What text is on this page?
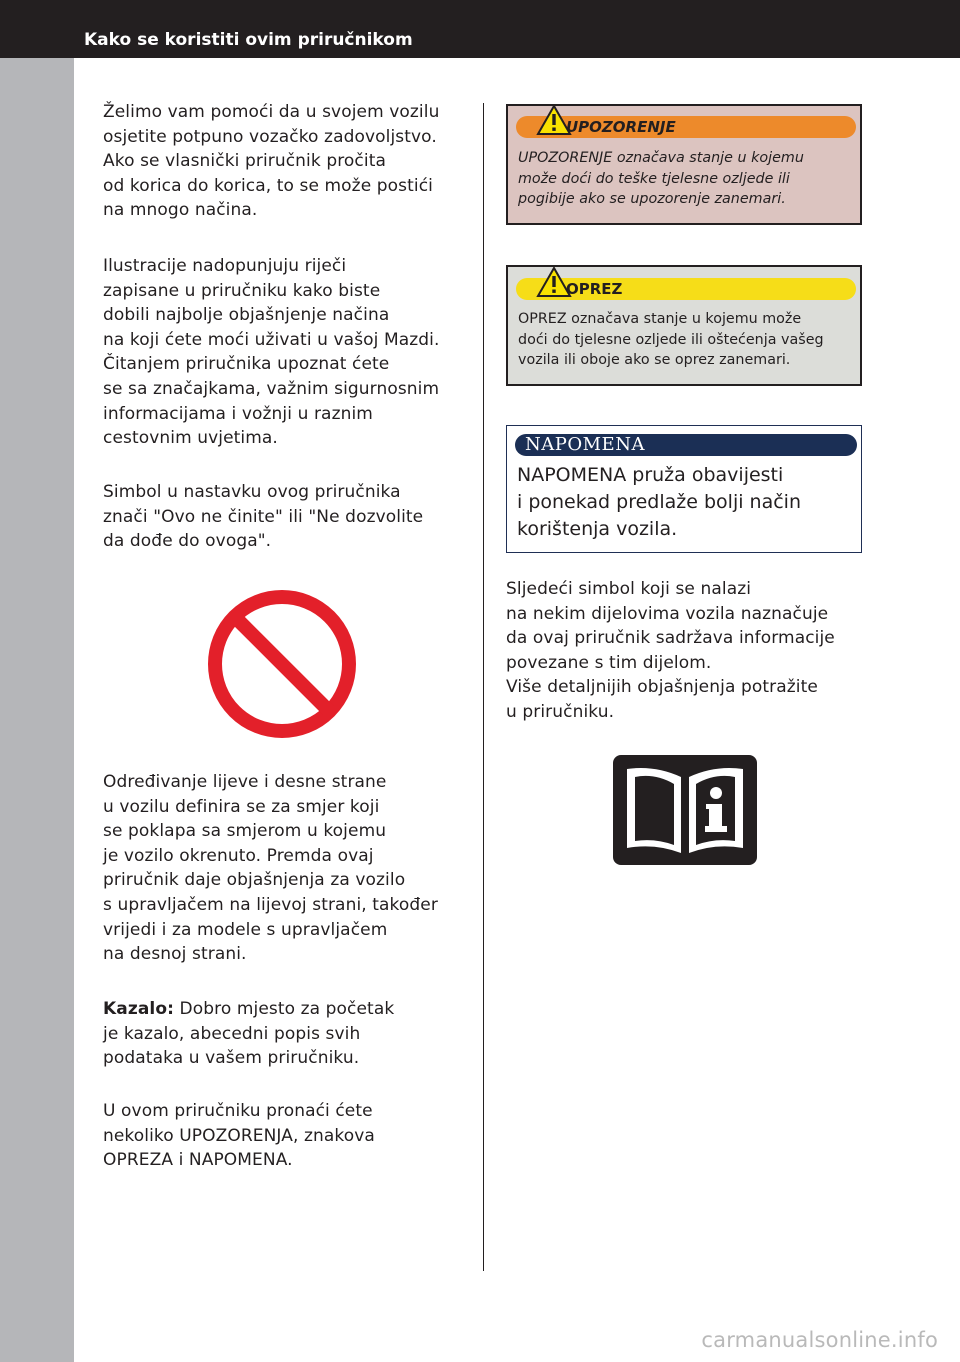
Kako se koristiti ovim priručnikom
Želimo vam pomoći da u svojem vozilu
osjetite potpuno vozačko zadovoljstvo.
Ako se vlasnički priručnik pročita
od korica do korica, to se može postići
na mnogo načina.
Ilustracije nadopunjuju riječi
zapisane u priručniku kako biste
dobili najbolje objašnjenje načina
na koji ćete moći uživati u vašoj Mazdi.
Čitanjem priručnika upoznat ćete
se sa značajkama, važnim sigurnosnim
informacijama i vožnji u raznim
cestovnim uvjetima.
Simbol u nastavku ovog priručnika
znači "Ovo ne činite" ili "Ne dozvolite
da dođe do ovoga".
Određivanje lijeve i desne strane
u vozilu definira se za smjer koji
se poklapa sa smjerom u kojemu
je vozilo okrenuto. Premda ovaj
priručnik daje objašnjenja za vozilo
s upravljačem na lijevoj strani, također
vrijedi i za modele s upravljačem
na desnoj strani.
Kazalo: Dobro mjesto za početak
je kazalo, abecedni popis svih
podataka u vašem priručniku.
U ovom priručniku pronaći ćete
nekoliko UPOZORENJA, znakova
OPREZA i NAPOMENA.
UPOZORENJE
UPOZORENJE označava stanje u kojemu
može doći do teške tjelesne ozljede ili
pogibije ako se upozorenje zanemari.
OPREZ
OPREZ označava stanje u kojemu može
doći do tjelesne ozljede ili oštećenja vašeg
vozila ili oboje ako se oprez zanemari.
NAPOMENA
NAPOMENA pruža obavijesti
i ponekad predlaže bolji način
korištenja vozila.
Sljedeći simbol koji se nalazi
na nekim dijelovima vozila naznačuje
da ovaj priručnik sadržava informacije
povezane s tim dijelom.
Više detaljnijih objašnjenja potražite
u priručniku.
carmanualsonline.info
